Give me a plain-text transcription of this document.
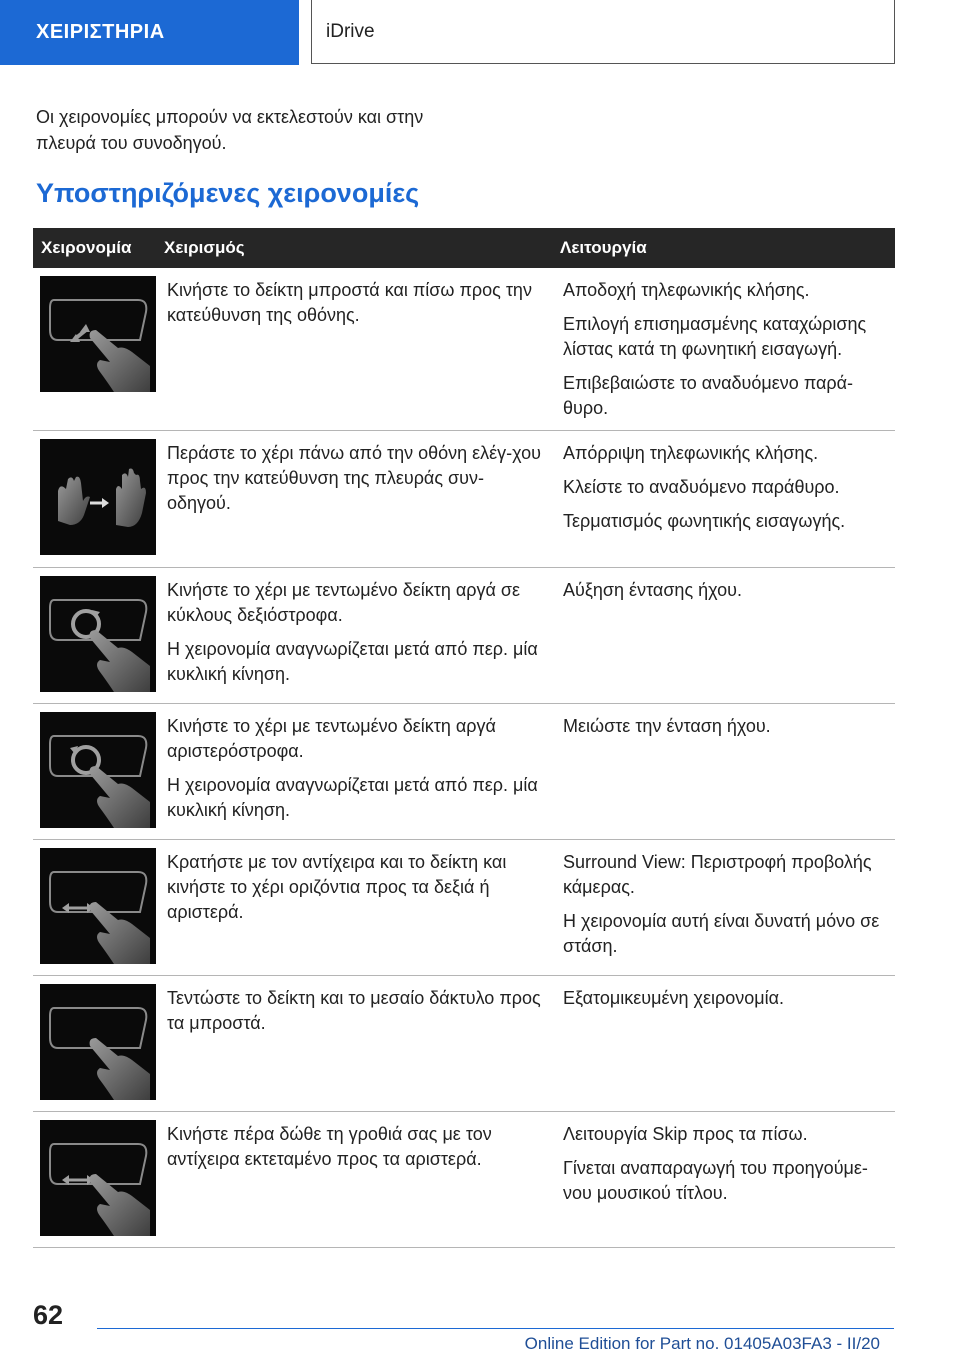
ΧΕΙΡΙΣΤΗΡΙΑ	iDrive
Οι χειρονομίες μπορούν να εκτελεστούν και στην πλευρά του συνοδηγού.
Υποστηριζόμενες χειρονομίες
Χειρονομία	Χειρισμός	Λειτουργία

Κινήστε το δείκτη μπροστά και πίσω προς την κατεύθυνση της οθόνης.	Αποδοχή τηλεφωνικής κλήσης.

Επιλογή επισημασμένης καταχώρισης λίστας κατά τη φωνητική εισαγωγή.

Επιβεβαιώστε το αναδυόμενο παρά-θυρο.

Περάστε το χέρι πάνω από την οθόνη ελέγ-χου προς την κατεύθυνση της πλευράς συν-οδηγού.	Απόρριψη τηλεφωνικής κλήσης.

Κλείστε το αναδυόμενο παράθυρο.

Τερματισμός φωνητικής εισαγωγής.

Κινήστε το χέρι με τεντωμένο δείκτη αργά σε κύκλους δεξιόστροφα.

Η χειρονομία αναγνωρίζεται μετά από περ. μία κυκλική κίνηση.	Αύξηση έντασης ήχου.

Κινήστε το χέρι με τεντωμένο δείκτη αργά αριστερόστροφα.

Η χειρονομία αναγνωρίζεται μετά από περ. μία κυκλική κίνηση.	Μειώστε την ένταση ήχου.

Κρατήστε με τον αντίχειρα και το δείκτη και κινήστε το χέρι οριζόντια προς τα δεξιά ή αριστερά.	Surround View: Περιστροφή προβολής κάμερας.

Η χειρονομία αυτή είναι δυνατή μόνο σε στάση.

Τεντώστε το δείκτη και το μεσαίο δάκτυλο προς τα μπροστά.	Εξατομικευμένη χειρονομία.

Κινήστε πέρα δώθε τη γροθιά σας με τον αντίχειρα εκτεταμένο προς τα αριστερά.	Λειτουργία Skip προς τα πίσω.

Γίνεται αναπαραγωγή του προηγούμε-νου μουσικού τίτλου.

62
Online Edition for Part no. 01405A03FA3 - II/20
